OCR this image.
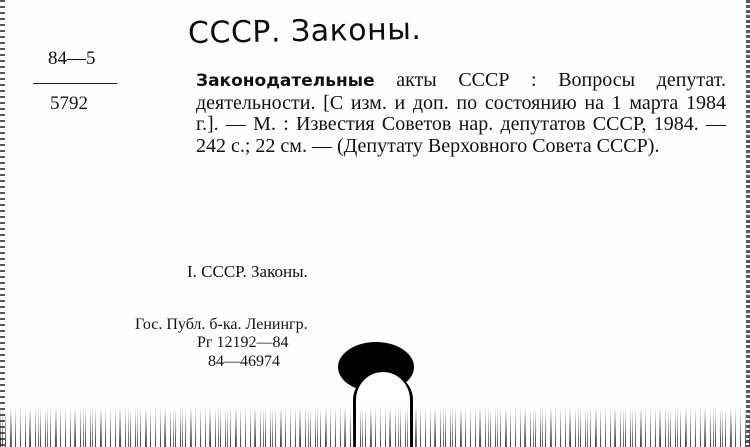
СССР. Законы.
84—5
5792
Законодательные акты СССР : Вопросы депутат. деятельности. [С изм. и доп. по состоянию на 1 марта 1984 г.]. — М. : Известия Советов нар. депутатов СССР, 1984. — 242 с.; 22 см. — (Депутату Верховного Совета СССР).
I. СССР. Законы.
Гос. Публ. б-ка. Ленингр.
Рг 12192—84
84—46974
